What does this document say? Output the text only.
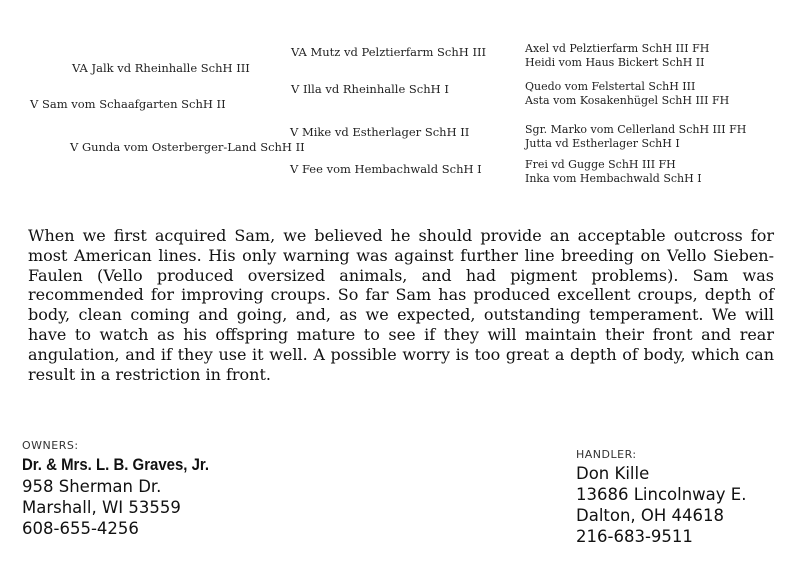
V Sam vom Schaafgarten SchH II
VA Jalk vd Rheinhalle SchH III
V Gunda vom Osterberger-Land SchH II
VA Mutz vd Pelztierfarm SchH III
V Illa vd Rheinhalle SchH I
V Mike vd Estherlager SchH II
V Fee vom Hembachwald SchH I
Axel vd Pelztierfarm SchH III FH
Heidi vom Haus Bickert SchH II
Quedo vom Felstertal SchH III
Asta vom Kosakenhügel SchH III FH
Sgr. Marko vom Cellerland SchH III FH
Jutta vd Estherlager SchH I
Frei vd Gugge SchH III FH
Inka vom Hembachwald SchH I
When we first acquired Sam, we believed he should provide an acceptable outcross for most American lines. His only warning was against further line breeding on Vello Sieben-Faulen (Vello produced oversized animals, and had pigment problems). Sam was recommended for improving croups. So far Sam has produced excellent croups, depth of body, clean coming and going, and, as we expected, outstanding temperament. We will have to watch as his offspring mature to see if they will maintain their front and rear angulation, and if they use it well. A possible worry is too great a depth of body, which can result in a restriction in front.
OWNERS:
Dr. & Mrs. L. B. Graves, Jr.
958 Sherman Dr.
Marshall, WI 53559
608-655-4256
HANDLER:
Don Kille
13686 Lincolnway E.
Dalton, OH 44618
216-683-9511
